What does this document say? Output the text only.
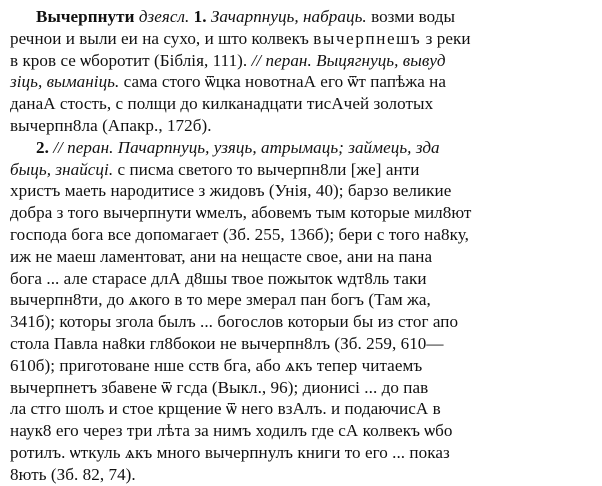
Вычерпнути дзеясл. 1. Зачарпнуць, набраць. возми воды
речнои и выли еи на сухо, и што колвекъ вычерпнешъ з реки
в кров се ѡборотит (Біблія, 111). // перан. Выцягнуць, вывуд
зіць, выманіць. сама стого ѿцка новотнаА его ѿт папѣжа на
данаА стость, с полщи до килканадцати тисАчей золотых
вычерпн8ла (Апакр., 172б).
2. // перан. Пачарпнуць, узяць, атрымаць; займець, зда
быць, знайсці. с писма светого то вычерпн8ли [же] анти
христъ маеть народитисе з жидовъ (Унія, 40); барзо великие
добра з того вычерпнути ѡмелъ, абовемъ тым которые мил8ют
господа бога все допомагает (Зб. 255, 136б); бери с того на8ку,
иж не маеш ламентоват, ани на нещасте свое, ани на пана
бога ... але старасе длА д8шы твое пожыток ѡдт8ль таки
вычерпн8ти, до ѧкого в то мере змерал пан богъ (Там жа,
341б); которы зголa былъ ... богослов которыи бы из стог апо
стола Павла на8ки гл8бокои не вычерпн8лъ (Зб. 259, 610—
610б); приготоване нше сств бга, або ѧкъ тепер читаемъ
вычерпнетъ збавене ѿ гсда (Выкл., 96); дионисі ... до пав
ла стго шолъ и стое крщение ѿ него взАлъ. и подаючисА в
наук8 его через три лѣта за нимъ ходилъ где сА колвекъ ѡбо
ротилъ. ѡткуль ѧкъ много вычерпнулъ книги то его ... показ
8ють (Зб. 82, 74).
